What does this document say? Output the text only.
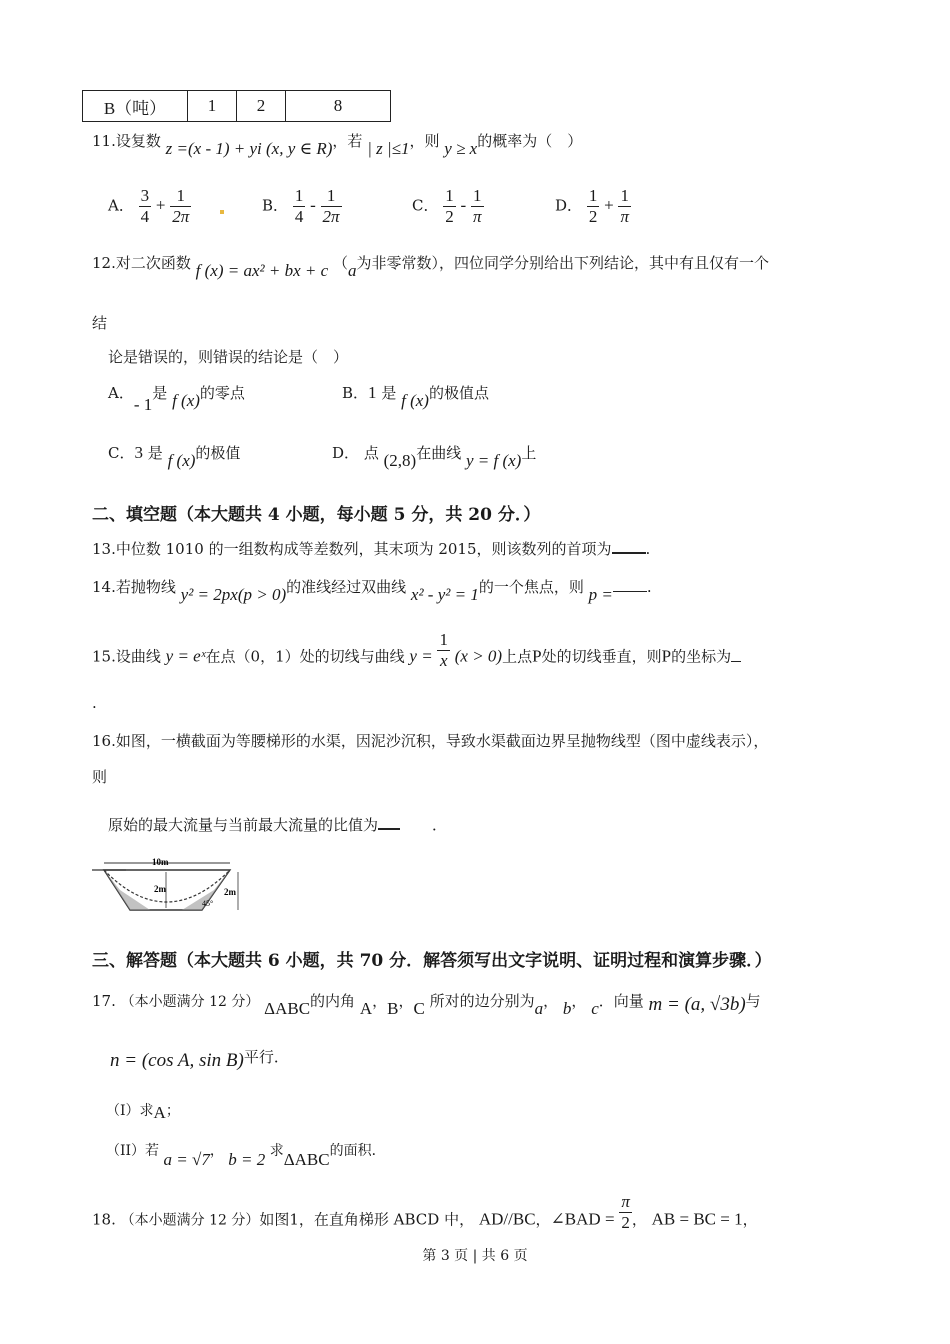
B（吨）	1	2	8
11.设复数 z =(x - 1) + yi (x, y ∈ R)，若 | z |≤1，则 y ≥ x的概率为（　）
A． $\frac{3}{4} + \frac{1}{2\pi}$	B． $\frac{1}{4} - \frac{1}{2\pi}$	C． $\frac{1}{2} - \frac{1}{\pi}$	D． $\frac{1}{2} + \frac{1}{\pi}$
12.对二次函数 f (x) = ax² + bx + c （a为非零常数），四位同学分别给出下列结论，其中有且仅有一个
结
论是错误的，则错误的结论是（　）
A．- 1是 f (x)的零点	B．1 是 f (x)的极值点
C．3 是 f (x)的极值	D． 点 (2,8)在曲线 y = f (x)上
二、填空题（本大题共 4 小题，每小题 5 分，共 20 分．）
13.中位数 1010 的一组数构成等差数列，其末项为 2015，则该数列的首项为 .
14.若抛物线 y² = 2px(p > 0)的准线经过双曲线 x² - y² = 1的一个焦点，则 p = .
15.设曲线 y = eˣ在点（0，1）处的切线与曲线 $y = \frac{1}{x} (x > 0)$上点P处的切线垂直，则P的坐标为
.
16.如图，一横截面为等腰梯形的水渠，因泥沙沉积，导致水渠截面边界呈抛物线型（图中虚线表示），
则
原始的最大流量与当前最大流量的比值为	．
10m
2m	2m
45°
三、解答题（本大题共 6 小题，共 70 分．解答须写出文字说明、证明过程和演算步骤．）
17. （本小题满分 12 分） ΔABC的内角 A，B，C 所对的边分别为a， b， c．向量 m = (a, √3b)与
n = (cos A, sin B)平行．
（I）求A；
（II）若 a = √7， b = 2 求ΔABC的面积．
18. （本小题满分 12 分）如图1，在直角梯形 ABCD 中， AD//BC，∠BAD = $\frac{\pi}{2}$ ， AB = BC = 1，
第 3 页 | 共 6 页
